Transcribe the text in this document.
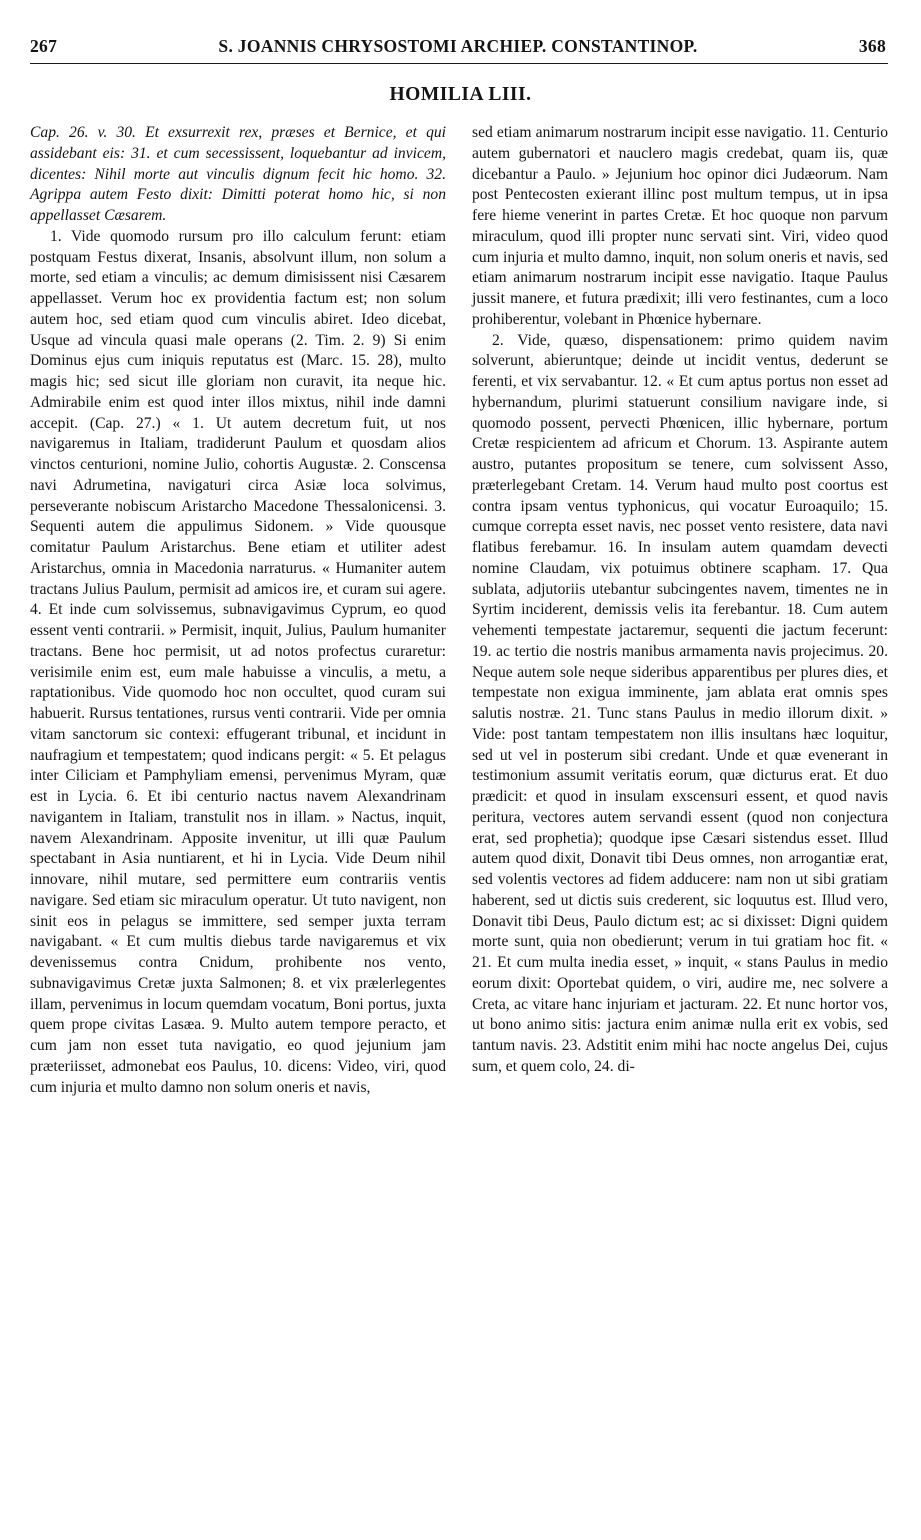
267	S. JOANNIS CHRYSOSTOMI ARCHIEP. CONSTANTINOP.	368
HOMILIA LIII.

Cap. 26. v. 30. Et exsurrexit rex, præses et Bernice, et qui assidebant eis: 31. et cum secessissent, loquebantur ad invicem, dicentes: Nihil morte aut vinculis dignum fecit hic homo. 32. Agrippa autem Festo dixit: Dimitti poterat homo hic, si non appellasset Cæsarem.

1. Vide quomodo rursum pro illo calculum ferunt: etiam postquam Festus dixerat, Insanis, absolvunt illum, non solum a morte, sed etiam a vinculis; ac demum dimisissent nisi Cæsarem appellasset. Verum hoc ex providentia factum est; non solum autem hoc, sed etiam quod cum vinculis abiret. Ideo dicebat, Usque ad vincula quasi male operans (2. Tim. 2. 9) Si enim Dominus ejus cum iniquis reputatus est (Marc. 15. 28), multo magis hic; sed sicut ille gloriam non curavit, ita neque hic. Admirabile enim est quod inter illos mixtus, nihil inde damni accepit. (Cap. 27.) « 1. Ut autem decretum fuit, ut nos navigaremus in Italiam, tradiderunt Paulum et quosdam alios vinctos centurioni, nomine Julio, cohortis Augustæ. 2. Conscensa navi Adrumetina, navigaturi circa Asiæ loca solvimus, perseverante nobiscum Aristarcho Macedone Thessalonicensi. 3. Sequenti autem die appulimus Sidonem. » Vide quousque comitatur Paulum Aristarchus. Bene etiam et utiliter adest Aristarchus, omnia in Macedonia narraturus. « Humaniter autem tractans Julius Paulum, permisit ad amicos ire, et curam sui agere. 4. Et inde cum solvissemus, subnavigavimus Cyprum, eo quod essent venti contrarii. » Permisit, inquit, Julius, Paulum humaniter tractans. Bene hoc permisit, ut ad notos profectus curaretur: verisimile enim est, eum male habuisse a vinculis, a metu, a raptationibus. Vide quomodo hoc non occultet, quod curam sui habuerit. Rursus tentationes, rursus venti contrarii. Vide per omnia vitam sanctorum sic contexi: effugerant tribunal, et incidunt in naufragium et tempestatem; quod indicans pergit: « 5. Et pelagus inter Ciliciam et Pamphyliam emensi, pervenimus Myram, quæ est in Lycia. 6. Et ibi centurio nactus navem Alexandrinam navigantem in Italiam, transtulit nos in illam. » Nactus, inquit, navem Alexandrinam. Apposite invenitur, ut illi quæ Paulum spectabant in Asia nuntiarent, et hi in Lycia. Vide Deum nihil innovare, nihil mutare, sed permittere eum contrariis ventis navigare. Sed etiam sic miraculum operatur. Ut tuto navigent, non sinit eos in pelagus se immittere, sed semper juxta terram navigabant. « Et cum multis diebus tarde navigaremus et vix devenissemus contra Cnidum, prohibente nos vento, subnavigavimus Cretæ juxta Salmonen; 8. et vix prælerlegentes illam, pervenimus in locum quemdam vocatum, Boni portus, juxta quem prope civitas Lasæa. 9. Multo autem tempore peracto, et cum jam non esset tuta navigatio, eo quod jejunium jam præteriisset, admonebat eos Paulus, 10. dicens: Video, viri, quod cum injuria et multo damno non solum oneris et navis,

sed etiam animarum nostrarum incipit esse navigatio. 11. Centurio autem gubernatori et nauclero magis credebat, quam iis, quæ dicebantur a Paulo. » Jejunium hoc opinor dici Judæorum. Nam post Pentecosten exierant illinc post multum tempus, ut in ipsa fere hieme venerint in partes Cretæ. Et hoc quoque non parvum miraculum, quod illi propter nunc servati sint. Viri, video quod cum injuria et multo damno, inquit, non solum oneris et navis, sed etiam animarum nostrarum incipit esse navigatio. Itaque Paulus jussit manere, et futura prædixit; illi vero festinantes, cum a loco prohiberentur, volebant in Phœnice hybernare.

2. Vide, quæso, dispensationem: primo quidem navim solverunt, abieruntque; deinde ut incidit ventus, dederunt se ferenti, et vix servabantur. 12. « Et cum aptus portus non esset ad hybernandum, plurimi statuerunt consilium navigare inde, si quomodo possent, pervecti Phœnicen, illic hybernare, portum Cretæ respicientem ad africum et Chorum. 13. Aspirante autem austro, putantes propositum se tenere, cum solvissent Asso, præterlegebant Cretam. 14. Verum haud multo post coortus est contra ipsam ventus typhonicus, qui vocatur Euroaquilo; 15. cumque correpta esset navis, nec posset vento resistere, data navi flatibus ferebamur. 16. In insulam autem quamdam devecti nomine Claudam, vix potuimus obtinere scapham. 17. Qua sublata, adjutoriis utebantur subcingentes navem, timentes ne in Syrtim inciderent, demissis velis ita ferebantur. 18. Cum autem vehementi tempestate jactaremur, sequenti die jactum fecerunt: 19. ac tertio die nostris manibus armamenta navis projecimus. 20. Neque autem sole neque sideribus apparentibus per plures dies, et tempestate non exigua imminente, jam ablata erat omnis spes salutis nostræ. 21. Tunc stans Paulus in medio illorum dixit. » Vide: post tantam tempestatem non illis insultans hæc loquitur, sed ut vel in posterum sibi credant. Unde et quæ evenerant in testimonium assumit veritatis eorum, quæ dicturus erat. Et duo prædicit: et quod in insulam exscensuri essent, et quod navis peritura, vectores autem servandi essent (quod non conjectura erat, sed prophetia); quodque ipse Cæsari sistendus esset. Illud autem quod dixit, Donavit tibi Deus omnes, non arrogantiæ erat, sed volentis vectores ad fidem adducere: nam non ut sibi gratiam haberent, sed ut dictis suis crederent, sic loquutus est. Illud vero, Donavit tibi Deus, Paulo dictum est; ac si dixisset: Digni quidem morte sunt, quia non obedierunt; verum in tui gratiam hoc fit. « 21. Et cum multa inedia esset, » inquit, « stans Paulus in medio eorum dixit: Oportebat quidem, o viri, audire me, nec solvere a Creta, ac vitare hanc injuriam et jacturam. 22. Et nunc hortor vos, ut bono animo sitis: jactura enim animæ nulla erit ex vobis, sed tantum navis. 23. Adstitit enim mihi hac nocte angelus Dei, cujus sum, et quem colo, 24. di-
